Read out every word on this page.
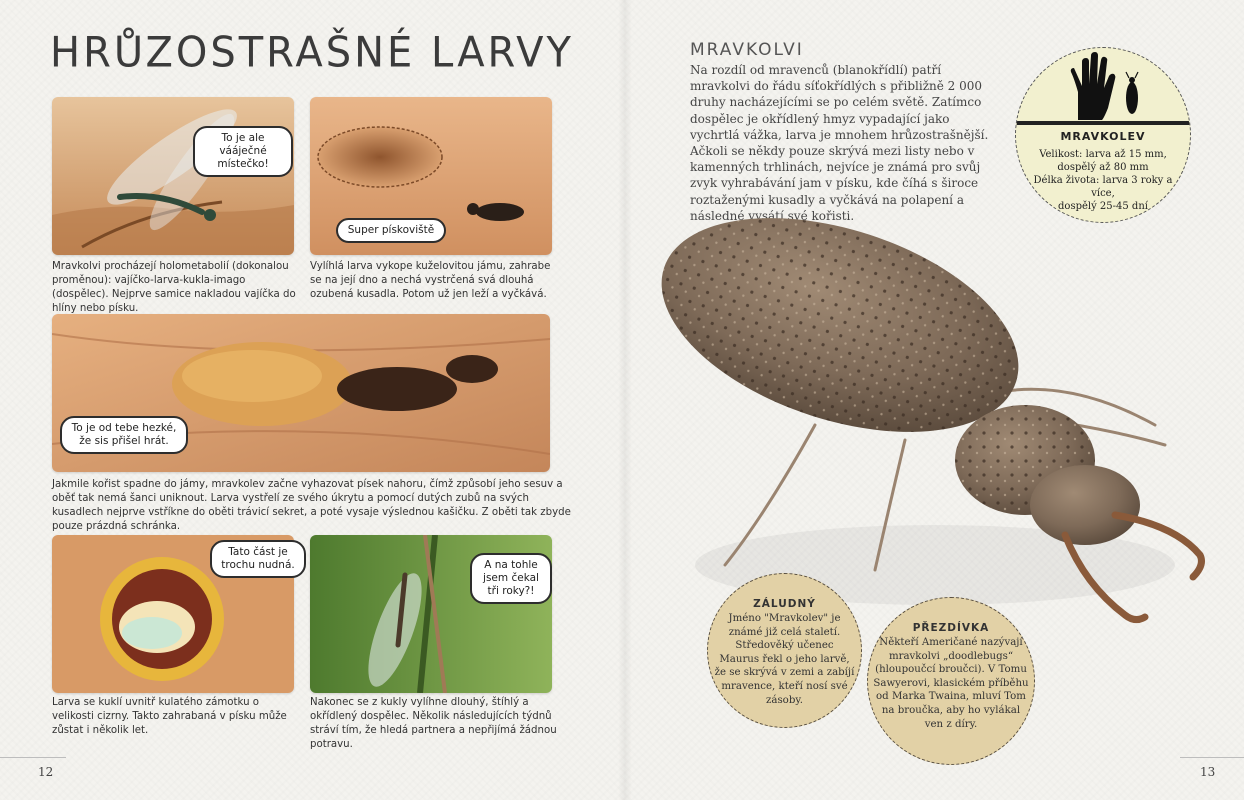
HRŮZOSTRAŠNÉ LARVY
To je ale vááječné
místečko!

Mravkolvi procházejí holometabolií (dokonalou proměnou): vajíčko-larva-kukla-imago (dospělec). Nejprve samice nakladou vajíčka do hlíny nebo písku.

Super pískoviště

Vylíhlá larva vykope kuželovitou jámu, zahrabe se na její dno a nechá vystrčená svá dlouhá ozubená kusadla. Potom už jen leží a vyčkává.

To je od tebe hezké,
že sis přišel hrát.

Jakmile kořist spadne do jámy, mravkolev začne vyhazovat písek nahoru, čímž způsobí jeho sesuv a oběť tak nemá šanci uniknout. Larva vystřelí ze svého úkrytu a pomocí dutých zubů na svých kusadlech nejprve vstříkne do oběti trávicí sekret, a poté vysaje výslednou kašičku. Z oběti tak zbyde pouze prázdná schránka.

Tato část je
trochu nudná.

Larva se kuklí uvnitř kulatého zámotku o velikosti cizrny. Takto zahrabaná v písku může zůstat i několik let.

A na tohle
jsem čekal
tři roky?!

Nakonec se z kukly vylíhne dlouhý, štíhlý a okřídlený dospělec. Několik následujících týdnů stráví tím, že hledá partnera a nepřijímá žádnou potravu.

12
MRAVKOLVI

Na rozdíl od mravenců (blanokřídlí) patří mravkolvi do řádu síťokřídlých s přibližně 2 000 druhy nacházejícími se po celém světě. Zatímco dospělec je okřídlený hmyz vypadající jako vychrtlá vážka, larva je mnohem hrůzostrašnější. Ačkoli se někdy pouze skrývá mezi listy nebo v kamenných trhlinách, nejvíce je známá pro svůj zvyk vyhrabávání jam v písku, kde číhá s široce roztaženými kusadly a vyčkává na polapení a následné vysátí své kořisti.

MRAVKOLEV
Velikost: larva až 15 mm,
dospělý až 80 mm
Délka života: larva 3 roky a více,
dospělý 25-45 dní
ZÁLUDNÝ
Jméno "Mravkolev" je
známé již celá staletí.
Středověký učenec
Maurus řekl o jeho larvě,
že se skrývá v zemi a zabíjí
mravence, kteří nosí své
zásoby.
PŘEZDÍVKA
Někteří Američané nazývají
mravkolvi „doodlebugs“
(hloupoučcí broučci). V Tomu
Sawyerovi, klasickém příběhu
od Marka Twaina, mluví Tom
na broučka, aby ho vylákal
ven z díry.
13
